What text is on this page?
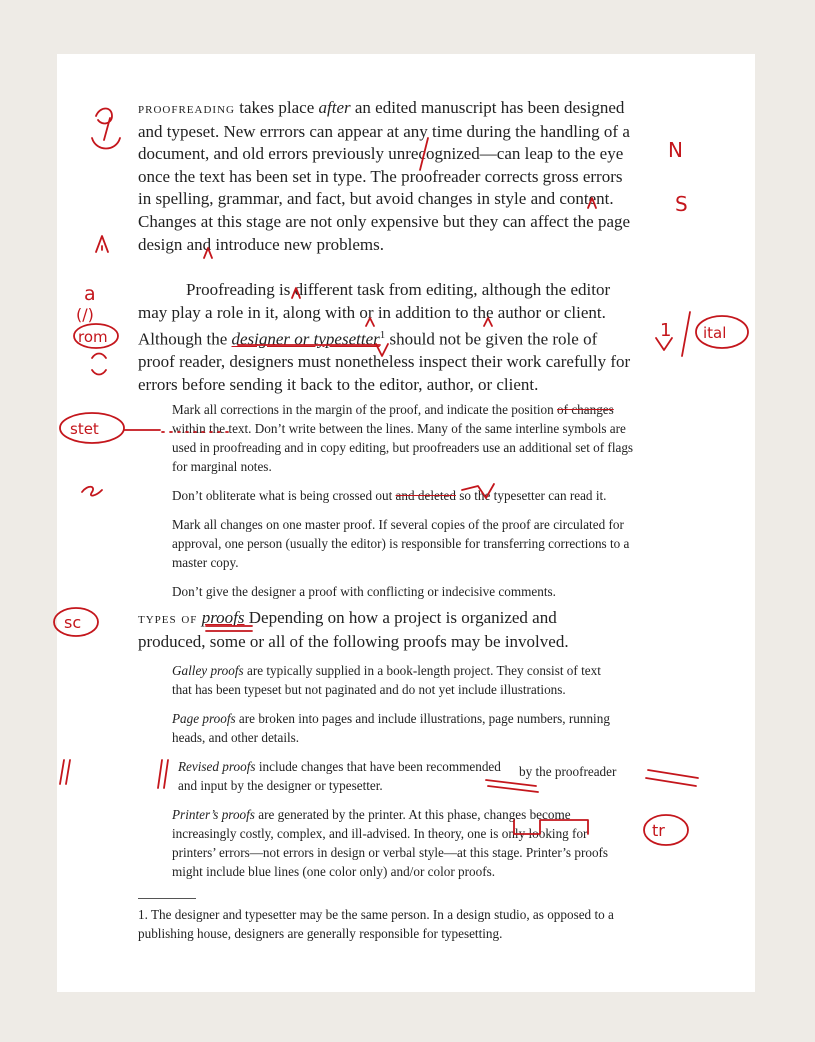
proofreading takes place after an edited manuscript has been designed and typeset. New errrors can appear at any time during the handling of a document, and old errors previously unrecognized—can leap to the eye once the text has been set in type. The proofreader corrects gross errors in spelling, grammar, and fact, but avoid changes in style and content. Changes at this stage are not only expensive but they can affect the page design and introduce new problems.

Proofreading is different task from editing, although the editor may play a role in it, along with or in addition to the author or client. Although the designer or typesetter$^1$ should not be given the role of proof reader, designers must nonetheless inspect their work carefully for errors before sending it back to the editor, author, or client.

Mark all corrections in the margin of the proof, and indicate the position of changes within the text. Don’t write between the lines. Many of the same interline symbols are used in proofreading and in copy editing, but proofreaders use an additional set of flags for marginal notes.

Don’t obliterate what is being crossed out and deleted so the typesetter can read it.

Mark all changes on one master proof. If several copies of the proof are circulated for approval, one person (usually the editor) is responsible for transferring corrections to a master copy.

Don’t give the designer a proof with conflicting or indecisive comments.

types of proofs Depending on how a project is organized and produced, some or all of the following proofs may be involved.

Galley proofs are typically supplied in a book-length project. They consist of text that has been typeset but not paginated and do not yet include illustrations.

Page proofs are broken into pages and include illustrations, page numbers, running heads, and other details.

Revised proofs include changes that have been recommended
and input by the designer or typesetter.

Printer’s proofs are generated by the printer. At this phase, changes become increasingly costly, complex, and ill-advised. In theory, one is only looking for printers’ errors—not errors in design or verbal style—at this stage. Printer’s proofs might include blue lines (one color only) and/or color proofs.

by the proofreader

1. The designer and typesetter may be the same person. In a design studio, as opposed to a publishing house, designers are generally responsible for typesetting.

N
S
a
(/)
rom	1 ital
stet
sc
tr
